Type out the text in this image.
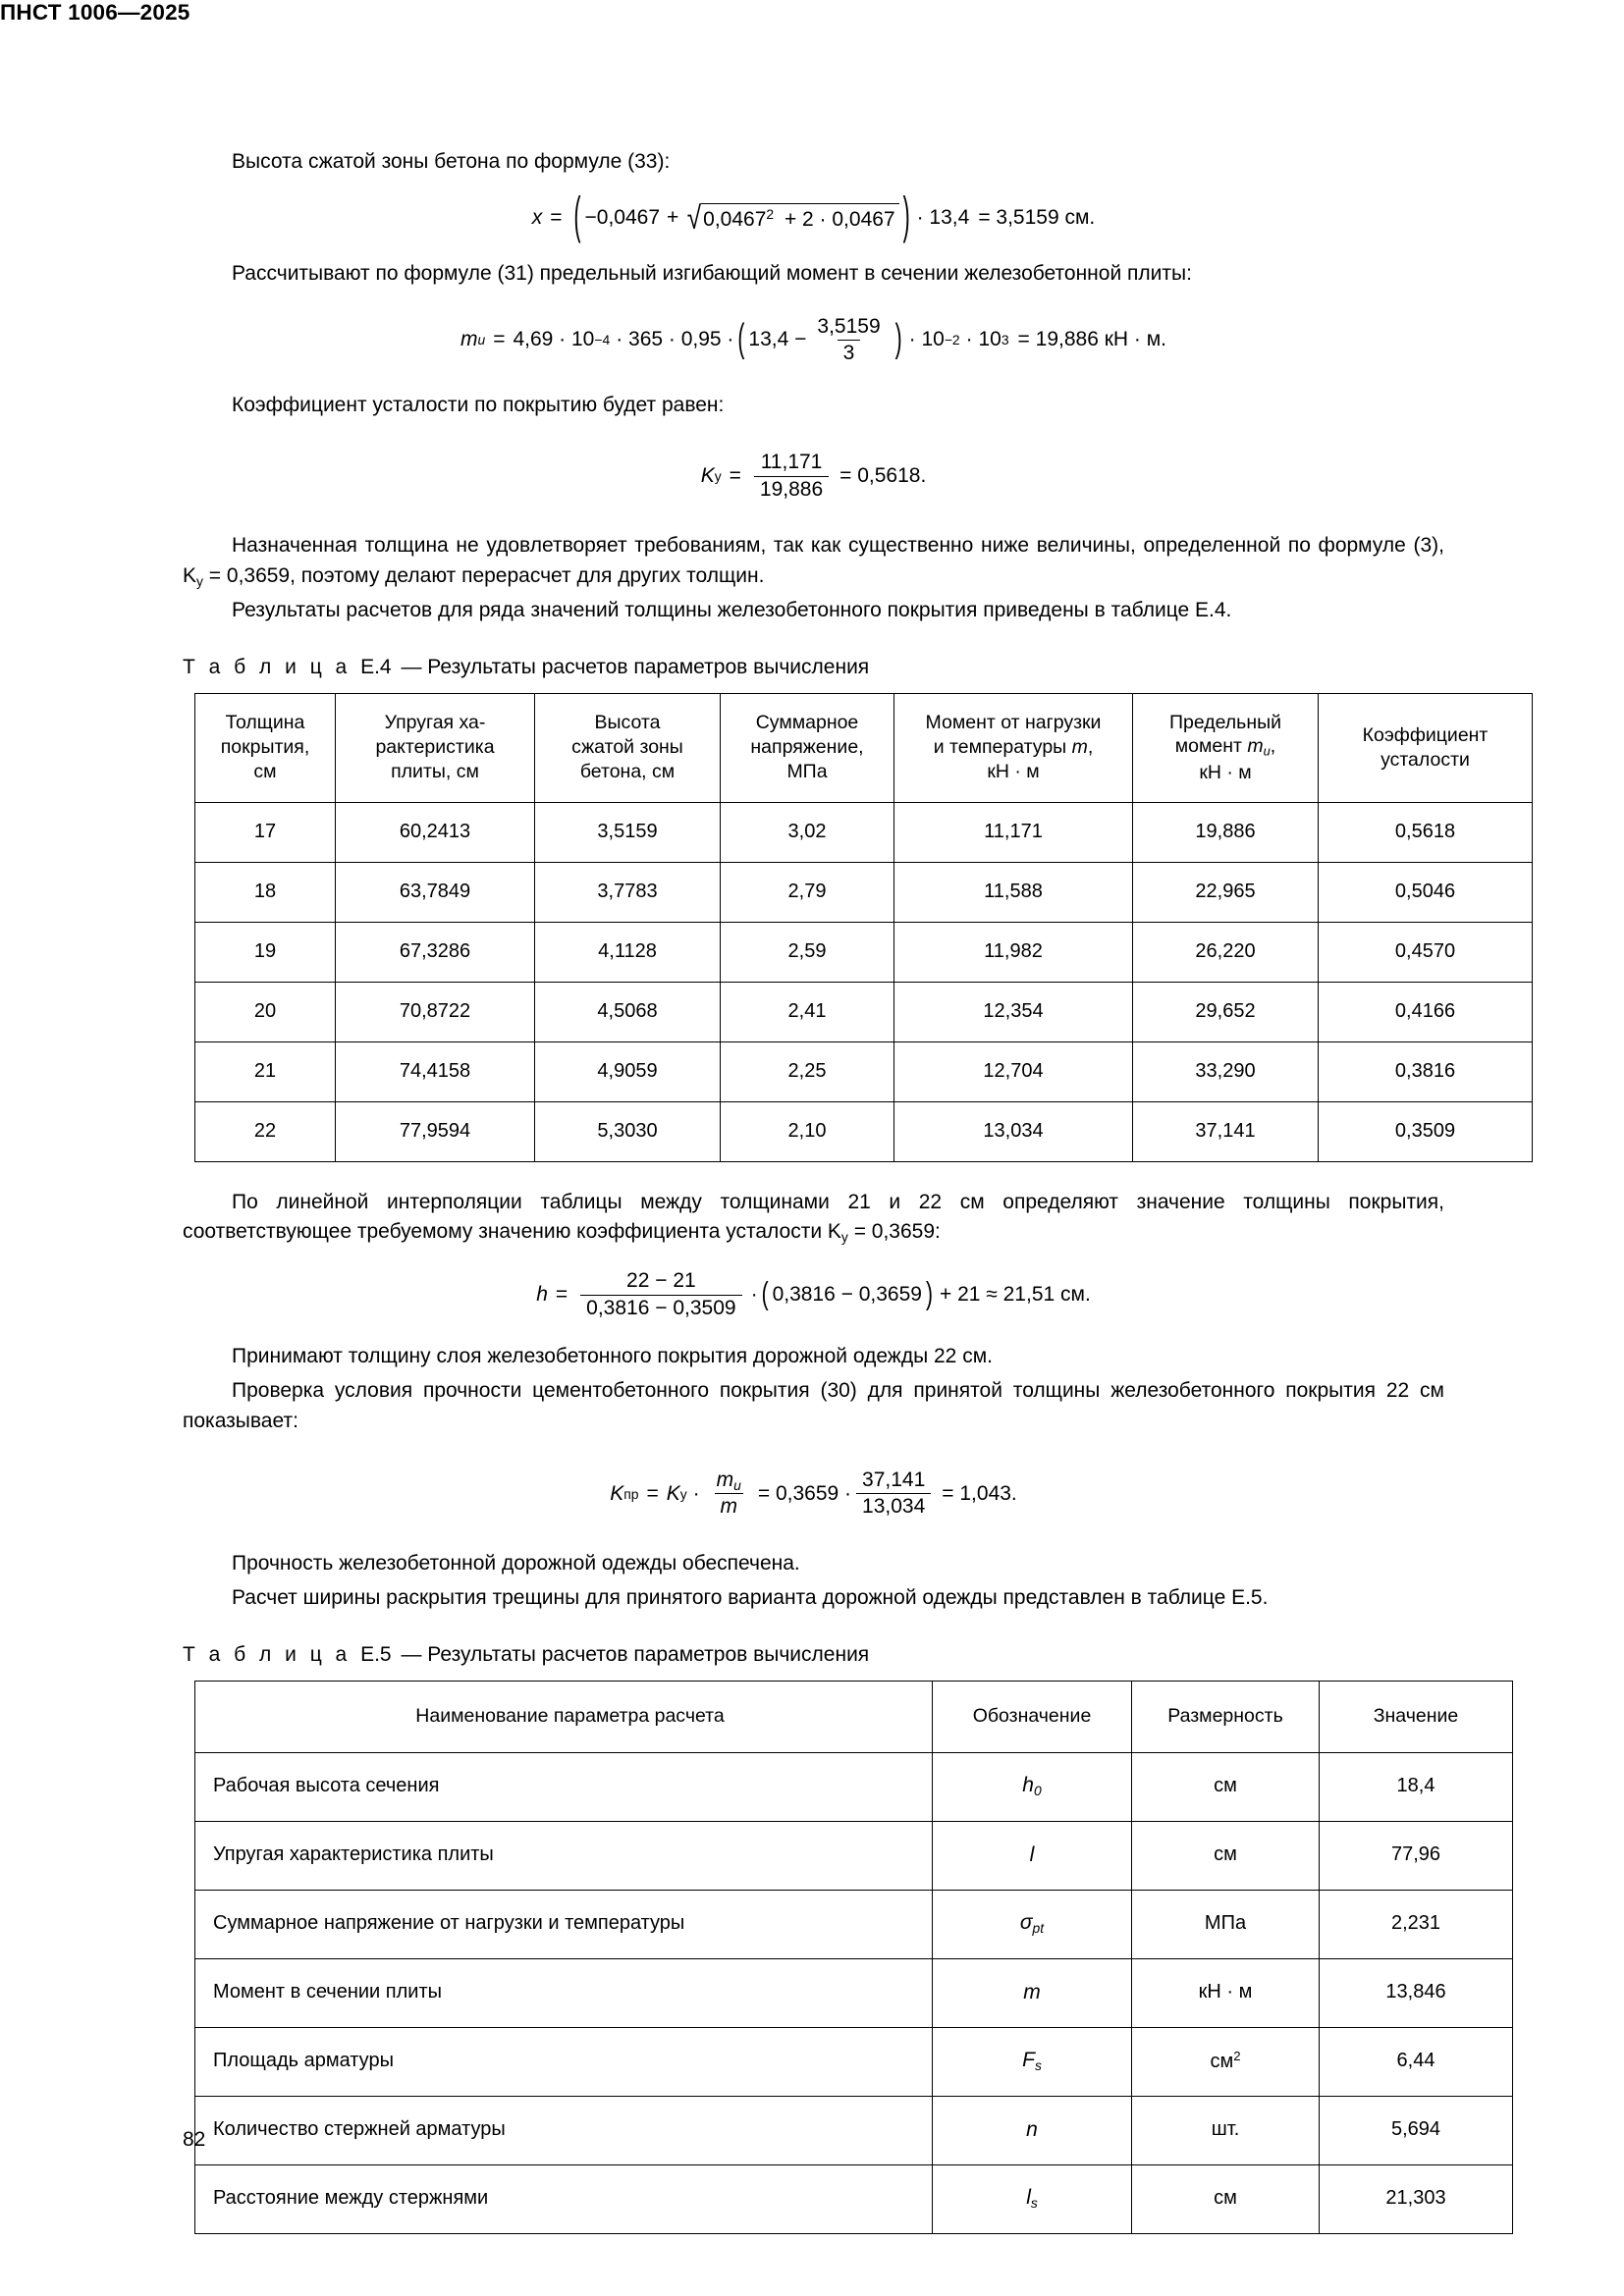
ПНСТ 1006—2025

Высота сжатой зоны бетона по формуле (33):

x = ( −0,0467 + √ $0,0467^2 + 2 \cdot 0,0467$ ) · 13,4 = 3,5159 см.

Рассчитывают по формуле (31) предельный изгибающий момент в сечении железобетонной плиты:

m и = 4,69 · 10 −4 · 365 · 0,95 · ( $13,4 - \frac{3,5159}{3}$ ) · 10 −2 · 10 3 = 19,886 кН · м.

Коэффициент усталости по покрытию будет равен:

K $у = \frac{11,171}{19,886} = 0,5618$.

Назначенная толщина не удовлетворяет требованиям, так как существенно ниже величины, определенной по формуле (3), $K_у = 0,3659$, поэтому делают перерасчет для других толщин.

Результаты расчетов для ряда значений толщины железобетонного покрытия приведены в таблице Е.4.

Т а б л и ц а Е.4 — Результаты расчетов параметров вычисления
Толщина
покрытия,
см	Упругая ха-
рактеристика
плиты, см	Высота
сжатой зоны
бетона, см	Суммарное
напряжение,
МПа	Момент от нагрузки
и температуры m,
кН · м	Предельный
момент mи,
кН · м	Коэффициент
усталости
17	60,2413	3,5159	3,02	11,171	19,886	0,5618
18	63,7849	3,7783	2,79	11,588	22,965	0,5046
19	67,3286	4,1128	2,59	11,982	26,220	0,4570
20	70,8722	4,5068	2,41	12,354	29,652	0,4166
21	74,4158	4,9059	2,25	12,704	33,290	0,3816
22	77,9594	5,3030	2,10	13,034	37,141	0,3509

По линейной интерполяции таблицы между толщинами 21 и 22 см определяют значение толщины покрытия, соответствующее требуемому значению коэффициента усталости $K_у = 0,3659$:

$h = \frac{22 - 21}{0,3816 - 0,3509}$ · ( 0,3816 − 0,3659 ) + 21 ≈ 21,51 см.

Принимают толщину слоя железобетонного покрытия дорожной одежды 22 см.

Проверка условия прочности цементобетонного покрытия (30) для принятой толщины железобетонного покрытия 22 см показывает:

K пр = K $у \cdot \frac{mи}{m} = 0,3659 \cdot \frac{37,141}{13,034} = 1,043$.

Прочность железобетонной дорожной одежды обеспечена.

Расчет ширины раскрытия трещины для принятого варианта дорожной одежды представлен в таблице Е.5.

Т а б л и ц а Е.5 — Результаты расчетов параметров вычисления
Наименование параметра расчета	Обозначение	Размерность	Значение
Рабочая высота сечения	h0	см	18,4
Упругая характеристика плиты	l	см	77,96
Суммарное напряжение от нагрузки и температуры	σpt	МПа	2,231
Момент в сечении плиты	m	кН · м	13,846
Площадь арматуры	Fs	$см^2$	6,44
Количество стержней арматуры	n	шт.	5,694
Расстояние между стержнями	ls	см	21,303
82
